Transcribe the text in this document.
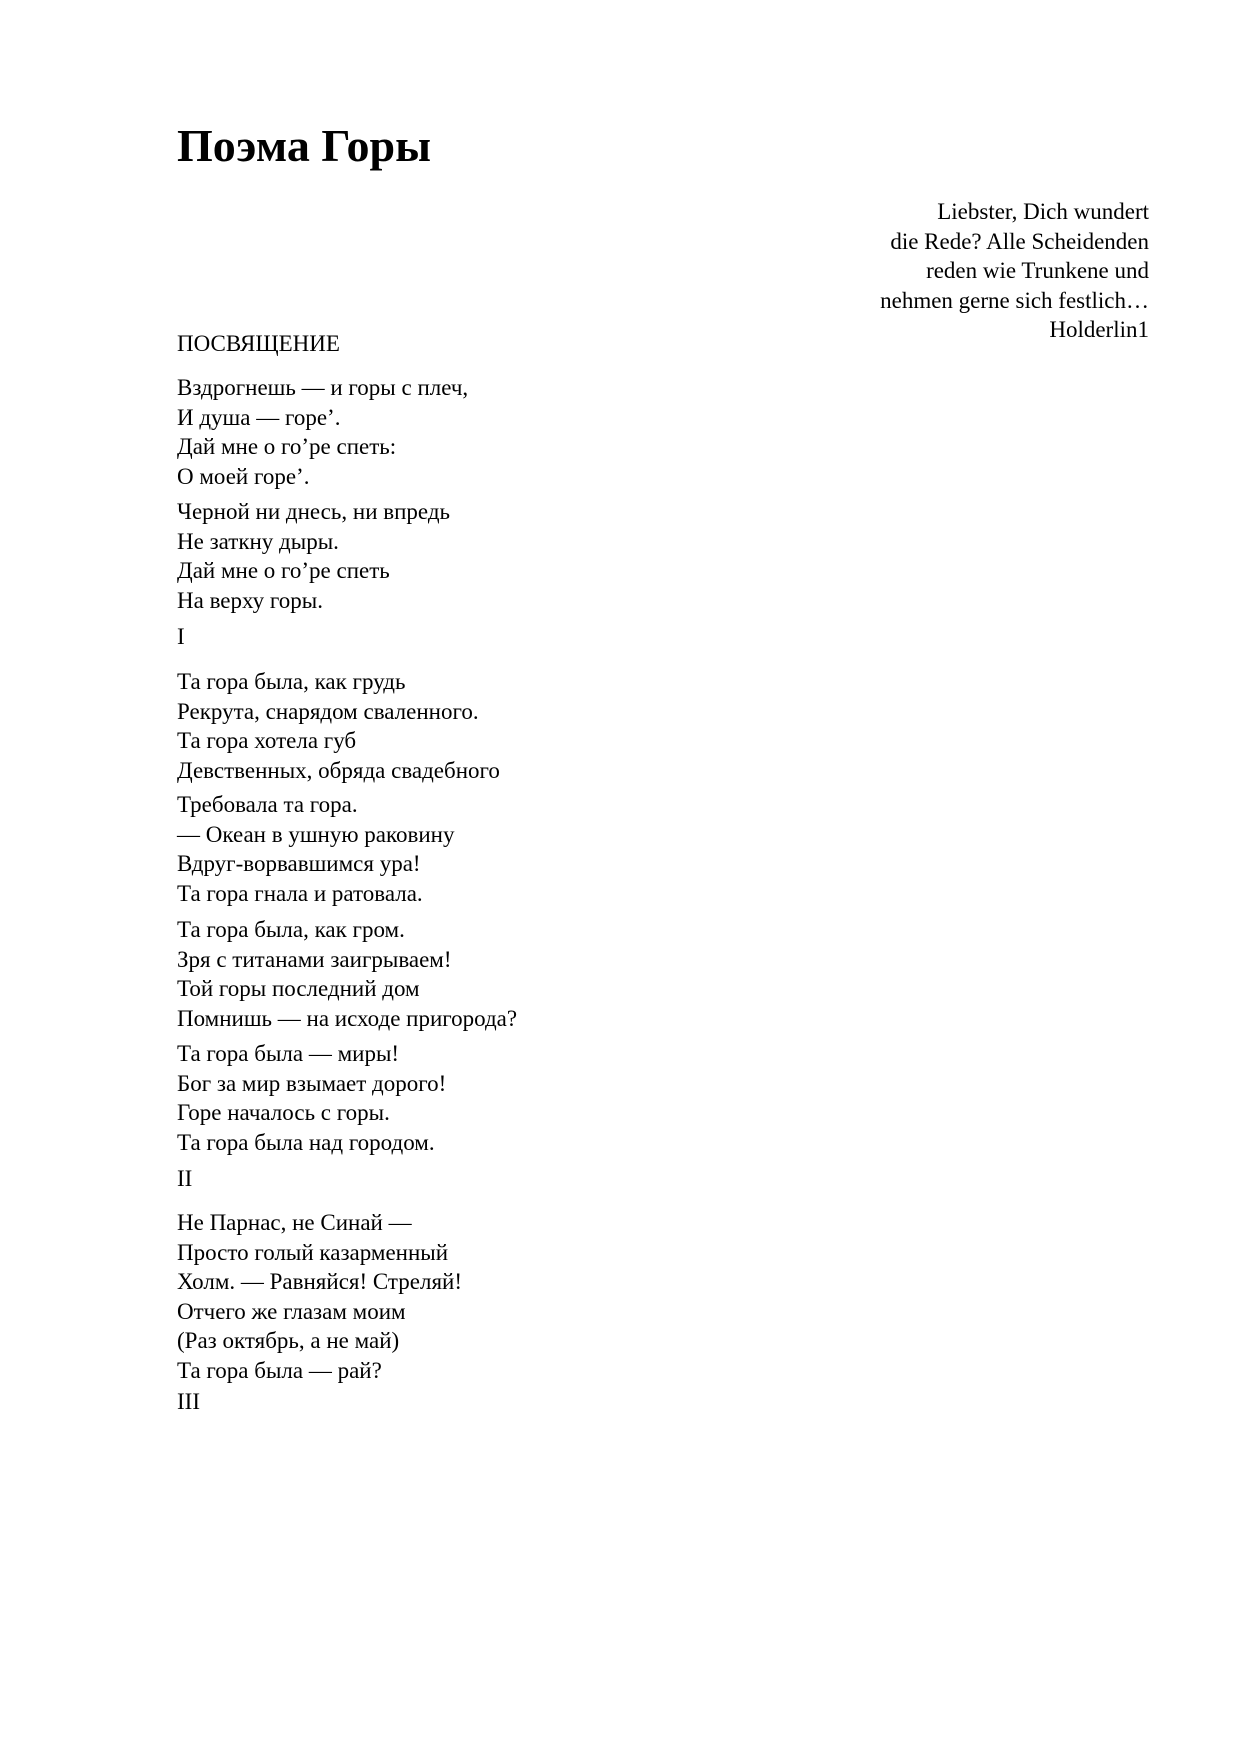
Поэма Горы
Liebster, Dich wundert
die Rede? Alle Scheidenden
reden wie Trunkene und
nehmen gerne sich festlich…
Holderlin1
ПОСВЯЩЕНИЕ
Вздрогнешь — и горы с плеч,
И душа — горе’.
Дай мне о го’ре спеть:
О моей горе’.
Черной ни днесь, ни впредь
Не заткну дыры.
Дай мне о го’ре спеть
На верху горы.
I
Та гора была, как грудь
Рекрута, снарядом сваленного.
Та гора хотела губ
Девственных, обряда свадебного
Требовала та гора.
— Океан в ушную раковину
Вдруг-ворвавшимся ура!
Та гора гнала и ратовала.
Та гора была, как гром.
Зря с титанами заигрываем!
Той горы последний дом
Помнишь — на исходе пригорода?
Та гора была — миры!
Бог за мир взымает дорого!
Горе началось с горы.
Та гора была над городом.
II
Не Парнас, не Синай —
Просто голый казарменный
Холм. — Равняйся! Стреляй!
Отчего же глазам моим
(Раз октябрь, а не май)
Та гора была — рай?
III
